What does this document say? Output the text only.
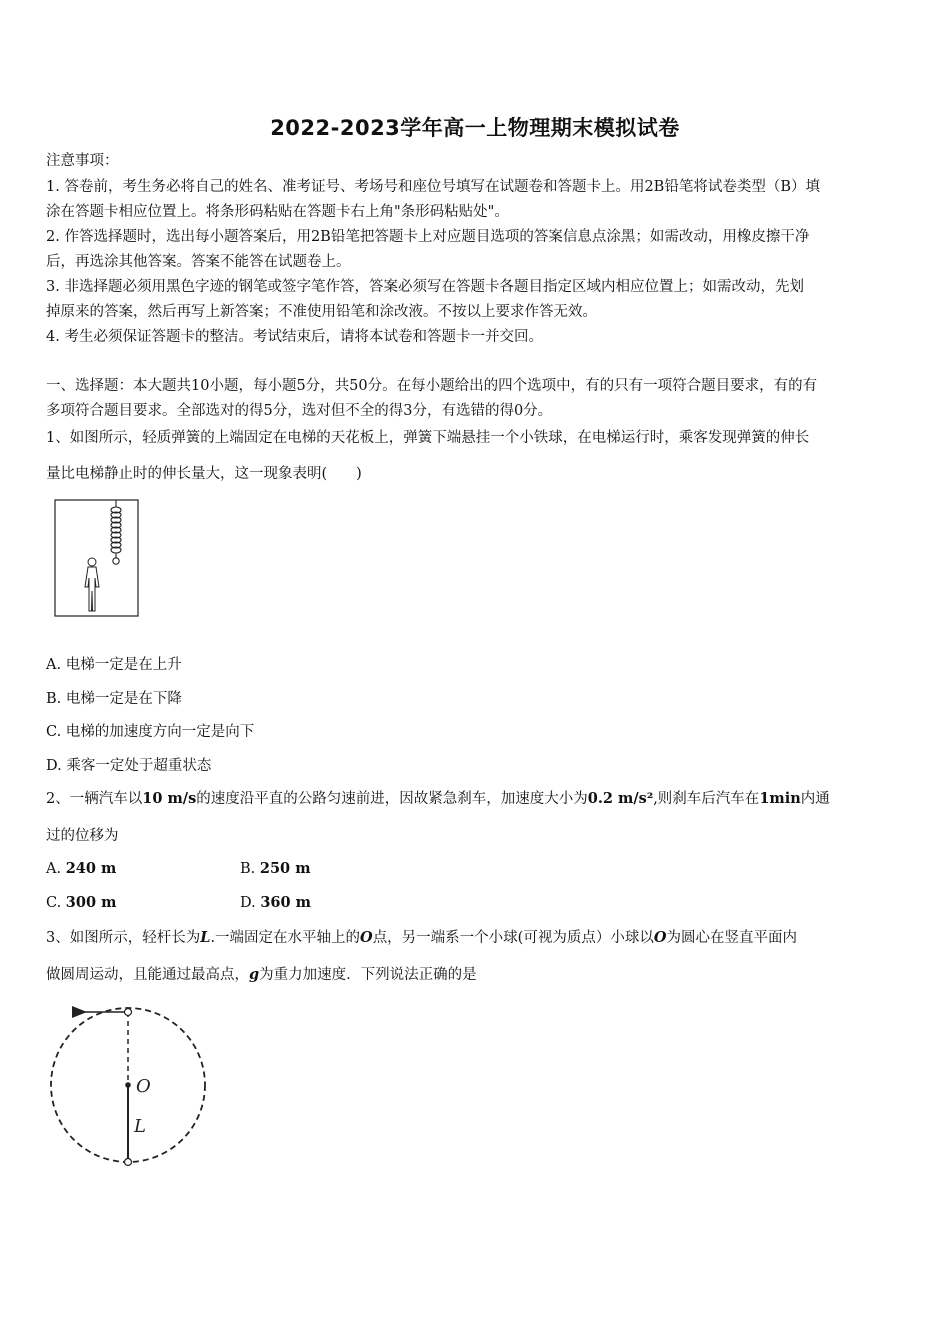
2022-2023学年高一上物理期末模拟试卷
注意事项：
1. 答卷前，考生务必将自己的姓名、准考证号、考场号和座位号填写在试题卷和答题卡上。用2B铅笔将试卷类型（B）填
涂在答题卡相应位置上。将条形码粘贴在答题卡右上角"条形码粘贴处"。
2. 作答选择题时，选出每小题答案后，用2B铅笔把答题卡上对应题目选项的答案信息点涂黑；如需改动，用橡皮擦干净
后，再选涂其他答案。答案不能答在试题卷上。
3. 非选择题必须用黑色字迹的钢笔或签字笔作答，答案必须写在答题卡各题目指定区域内相应位置上；如需改动，先划
掉原来的答案，然后再写上新答案；不准使用铅笔和涂改液。不按以上要求作答无效。
4. 考生必须保证答题卡的整洁。考试结束后，请将本试卷和答题卡一并交回。
一、选择题：本大题共10小题，每小题5分，共50分。在每小题给出的四个选项中，有的只有一项符合题目要求，有的有
多项符合题目要求。全部选对的得5分，选对但不全的得3分，有选错的得0分。
1、如图所示，轻质弹簧的上端固定在电梯的天花板上，弹簧下端悬挂一个小铁球，在电梯运行时，乘客发现弹簧的伸长
量比电梯静止时的伸长量大，这一现象表明(　　)
A. 电梯一定是在上升
B. 电梯一定是在下降
C. 电梯的加速度方向一定是向下
D. 乘客一定处于超重状态
2、一辆汽车以10 m/s的速度沿平直的公路匀速前进，因故紧急刹车，加速度大小为0.2 m/s²,则刹车后汽车在1min内通
过的位移为
A. 240 m	B. 250 m
C. 300 m	D. 360 m
3、如图所示，轻杆长为L.一端固定在水平轴上的O点，另一端系一个小球(可视为质点）小球以O为圆心在竖直平面内
做圆周运动，且能通过最高点，g为重力加速度．下列说法正确的是
O
L
